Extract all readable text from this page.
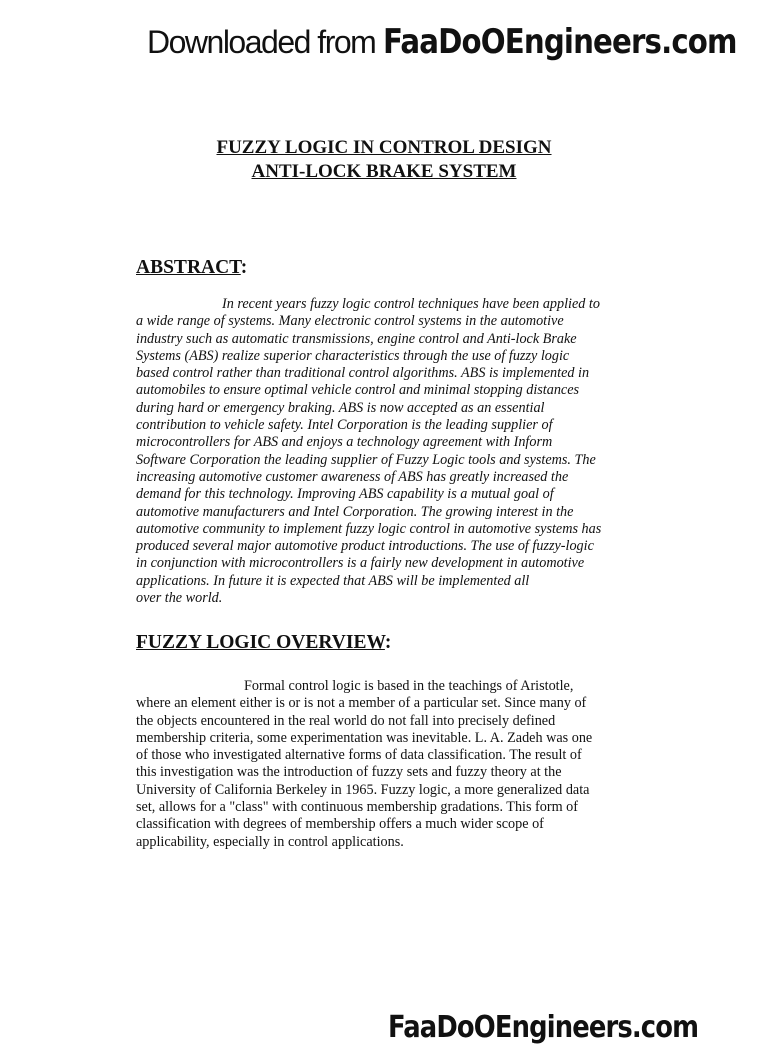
Downloaded from FaaDoOEngineers.com
FUZZY LOGIC IN CONTROL DESIGN
ANTI-LOCK BRAKE SYSTEM
ABSTRACT:
In recent years fuzzy logic control techniques have been applied to
a wide range of systems. Many electronic control systems in the automotive
industry such as automatic transmissions, engine control and Anti-lock Brake
Systems (ABS) realize superior characteristics through the use of fuzzy logic
based control rather than traditional control algorithms. ABS is implemented in
automobiles to ensure optimal vehicle control and minimal stopping distances
during hard or emergency braking. ABS is now accepted as an essential
contribution to vehicle safety. Intel Corporation is the leading supplier of
microcontrollers for ABS and enjoys a technology agreement with Inform
Software Corporation the leading supplier of Fuzzy Logic tools and systems. The
increasing automotive customer awareness of ABS has greatly increased the
demand for this technology. Improving ABS capability is a mutual goal of
automotive manufacturers and Intel Corporation. The growing interest in the
automotive community to implement fuzzy logic control in automotive systems has
produced several major automotive product introductions. The use of fuzzy-logic
in conjunction with microcontrollers is a fairly new development in automotive
applications. In future it is expected that ABS will be implemented all
over the world.
FUZZY LOGIC OVERVIEW:
Formal control logic is based in the teachings of Aristotle,
where an element either is or is not a member of a particular set. Since many of
the objects encountered in the real world do not fall into precisely defined
membership criteria, some experimentation was inevitable. L. A. Zadeh was one
of those who investigated alternative forms of data classification. The result of
this investigation was the introduction of fuzzy sets and fuzzy theory at the
University of California Berkeley in 1965. Fuzzy logic, a more generalized data
set, allows for a "class" with continuous membership gradations. This form of
classification with degrees of membership offers a much wider scope of
applicability, especially in control applications.
FaaDoOEngineers.com
